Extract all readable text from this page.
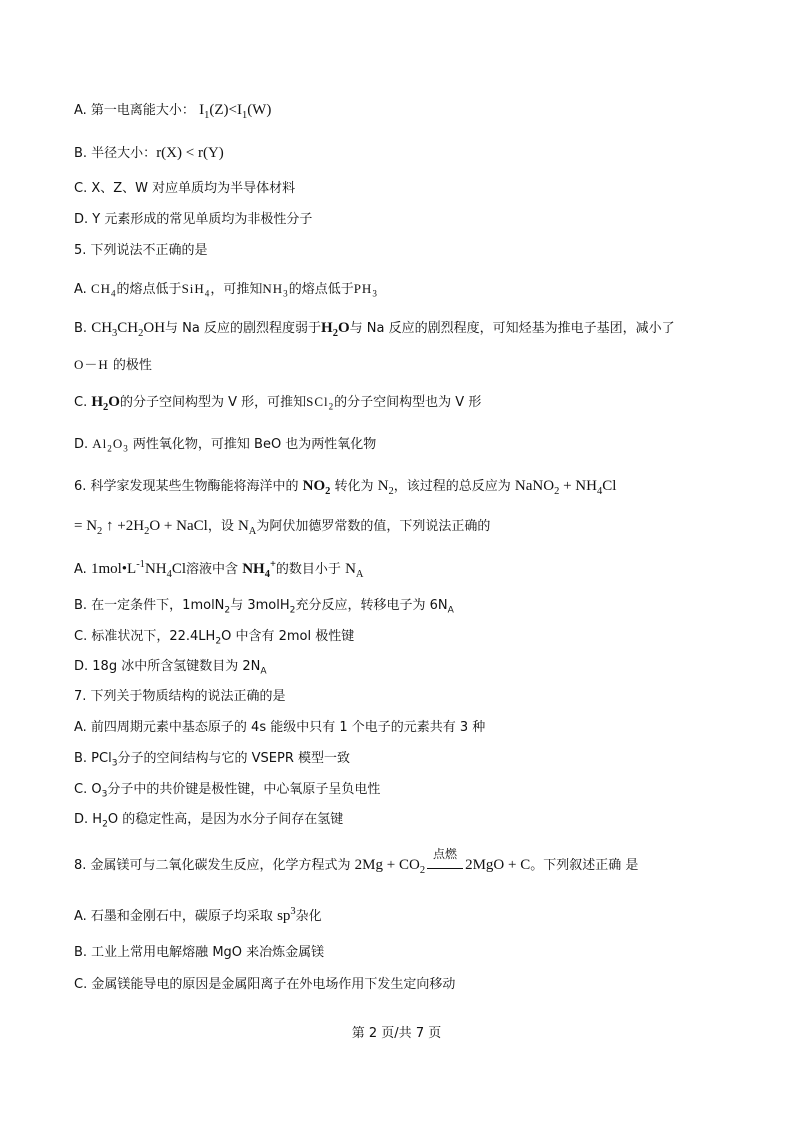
A. 第一电离能大小： $I_1(Z)<I_1(W)$
B. 半径大小：r(X) < r(Y)
C. X、Z、W 对应单质均为半导体材料
D. Y 元素形成的常见单质均为非极性分子
5. 下列说法不正确的是
A. $CH_4$的熔点低于SiH$_4$，可推知$NH_3$的熔点低于$PH_3$
B. $CH_3CH_2OH$与 Na 反应的剧烈程度弱于$H_2O$与 Na 反应的剧烈程度，可知烃基为推电子基团，减小了
O－H 的极性
C. $H_2O$的分子空间构型为 V 形，可推知SCl$_2$的分子空间构型也为 V 形
D. $Al_2O_3$ 两性氧化物，可推知 BeO 也为两性氧化物
6. 科学家发现某些生物酶能将海洋中的 $NO_2$ 转化为 $N_2$，该过程的总反应为 NaNO$_2$ + $NH_4Cl$
= $N_2$ ↑ $+2H_2O$ + NaCl，设 $N_A$为阿伏加德罗常数的值，下列说法正确的
A. $1mol•L^{-1}NH_4Cl$溶液中含 $NH_4^+$的数目小于 $N_A$
B. 在一定条件下，1molN$_2$与 3molH$_2$充分反应，转移电子为 $6N_A$
C. 标准状况下，$22.4LH_2O$ 中含有 2mol 极性键
D. 18g 冰中所含氢键数目为 $2N_A$
7. 下列关于物质结构的说法正确的是
A. 前四周期元素中基态原子的 4s 能级中只有 1 个电子的元素共有 3 种
B. PCl$_3$分子的空间结构与它的 VSEPR 模型一致
C. $O_3$分子中的共价键是极性键，中心氧原子呈负电性
D. $H_2O$ 的稳定性高，是因为水分子间存在氢键
8. 金属镁可与二氧化碳发生反应，化学方程式为 $2Mg + CO_2$
点燃
2MgO + C。下列叙述正确 是
A. 石墨和金刚石中，碳原子均采取 $sp^3$杂化
B. 工业上常用电解熔融 MgO 来冶炼金属镁
C. 金属镁能导电的原因是金属阳离子在外电场作用下发生定向移动
第 2 页/共 7 页
